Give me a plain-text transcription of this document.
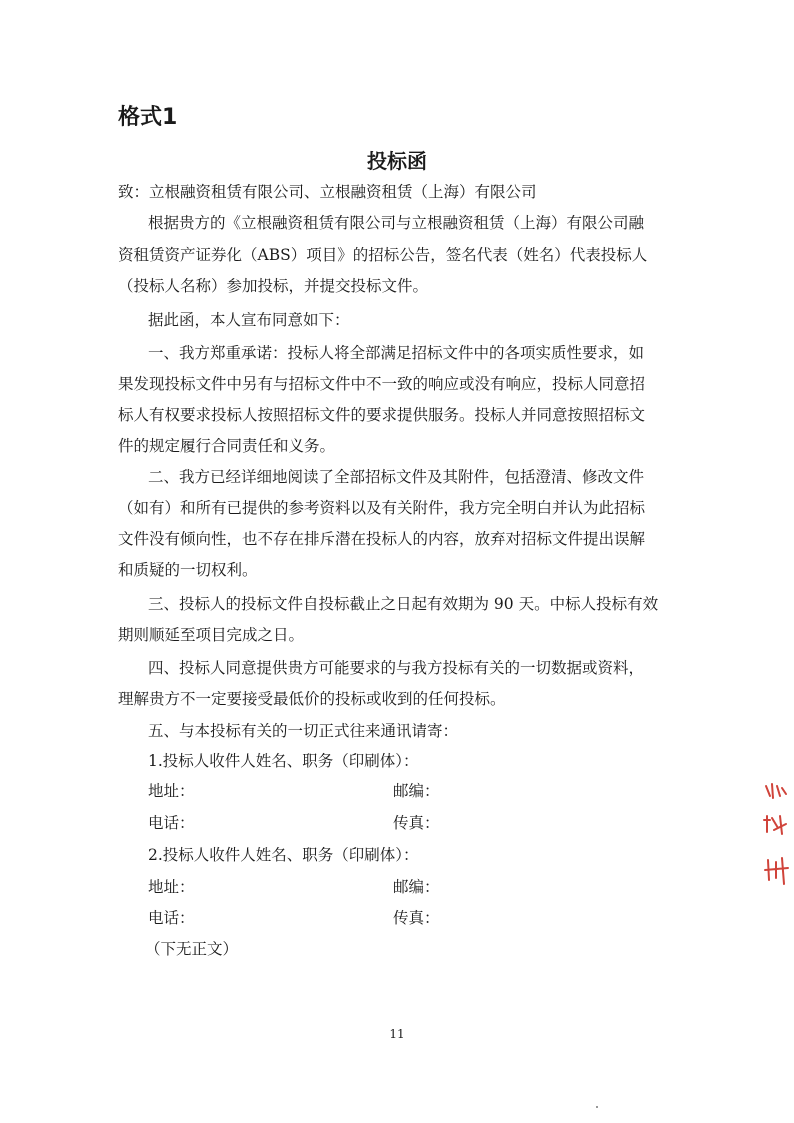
格式1
投标函
致：立根融资租赁有限公司、立根融资租赁（上海）有限公司
根据贵方的《立根融资租赁有限公司与立根融资租赁（上海）有限公司融
资租赁资产证券化（ABS）项目》的招标公告，签名代表（姓名）代表投标人
（投标人名称）参加投标，并提交投标文件。
据此函，本人宣布同意如下：
一、我方郑重承诺：投标人将全部满足招标文件中的各项实质性要求，如
果发现投标文件中另有与招标文件中不一致的响应或没有响应，投标人同意招
标人有权要求投标人按照招标文件的要求提供服务。投标人并同意按照招标文
件的规定履行合同责任和义务。
二、我方已经详细地阅读了全部招标文件及其附件，包括澄清、修改文件
（如有）和所有已提供的参考资料以及有关附件，我方完全明白并认为此招标
文件没有倾向性，也不存在排斥潜在投标人的内容，放弃对招标文件提出误解
和质疑的一切权利。
三、投标人的投标文件自投标截止之日起有效期为 90 天。中标人投标有效
期则顺延至项目完成之日。
四、投标人同意提供贵方可能要求的与我方投标有关的一切数据或资料，
理解贵方不一定要接受最低价的投标或收到的任何投标。
五、与本投标有关的一切正式往来通讯请寄：
1.投标人收件人姓名、职务（印刷体）：
地址：	邮编：
电话：	传真：
2.投标人收件人姓名、职务（印刷体）：
地址：	邮编：
电话：	传真：
（下无正文）
11
